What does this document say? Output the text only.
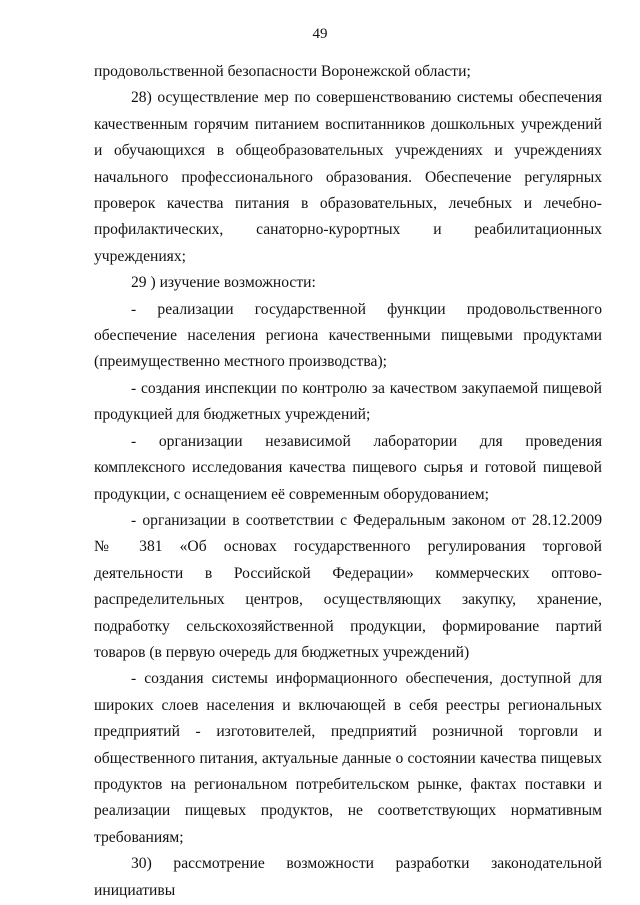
49

продовольственной безопасности Воронежской области;

28) осуществление мер по совершенствованию системы обеспечения качественным горячим питанием воспитанников дошкольных учреждений и обучающихся в общеобразовательных учреждениях и учреждениях начального профессионального образования. Обеспечение регулярных проверок качества питания в образовательных, лечебных и лечебно-профилактических, санаторно-курортных и реабилитационных учреждениях;

29 ) изучение возможности:

- реализации государственной функции продовольственного обеспечение населения региона качественными пищевыми продуктами (преимущественно местного производства);

- создания инспекции по контролю за качеством закупаемой пищевой продукцией для бюджетных учреждений;

- организации независимой лаборатории для проведения комплексного исследования качества пищевого сырья и готовой пищевой продукции, с оснащением её современным оборудованием;

- организации в соответствии с Федеральным законом от 28.12.2009 № 381 «Об основах государственного регулирования торговой деятельности в Российской Федерации» коммерческих оптово-распределительных центров, осуществляющих закупку, хранение, подработку сельскохозяйственной продукции, формирование партий товаров (в первую очередь для бюджетных учреждений)

- создания системы информационного обеспечения, доступной для широких слоев населения и включающей в себя реестры региональных предприятий - изготовителей, предприятий розничной торговли и общественного питания, актуальные данные о состоянии качества пищевых продуктов на региональном потребительском рынке, фактах поставки и реализации пищевых продуктов, не соответствующих нормативным требованиям;

30) рассмотрение возможности разработки законодательной инициативы
